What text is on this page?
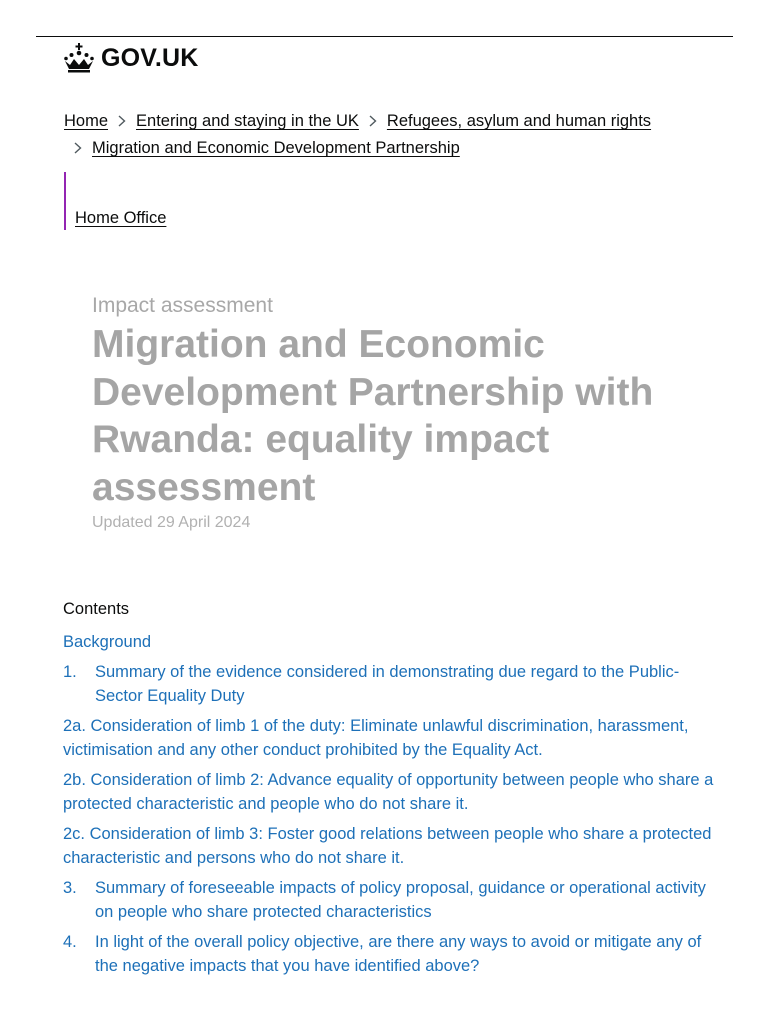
GOV.UK
Home Entering and staying in the UK Refugees, asylum and human rights
Migration and Economic Development Partnership
Home Office
Impact assessment
Migration and Economic Development Partnership with Rwanda: equality impact assessment
Updated 29 April 2024
Contents
Background
1.	Summary of the evidence considered in demonstrating due regard to the Public-Sector Equality Duty
2a. Consideration of limb 1 of the duty: Eliminate unlawful discrimination, harassment, victimisation and any other conduct prohibited by the Equality Act.
2b. Consideration of limb 2: Advance equality of opportunity between people who share a protected characteristic and people who do not share it.
2c. Consideration of limb 3: Foster good relations between people who share a protected characteristic and persons who do not share it.
3.	Summary of foreseeable impacts of policy proposal, guidance or operational activity on people who share protected characteristics
4.	In light of the overall policy objective, are there any ways to avoid or mitigate any of the negative impacts that you have identified above?
